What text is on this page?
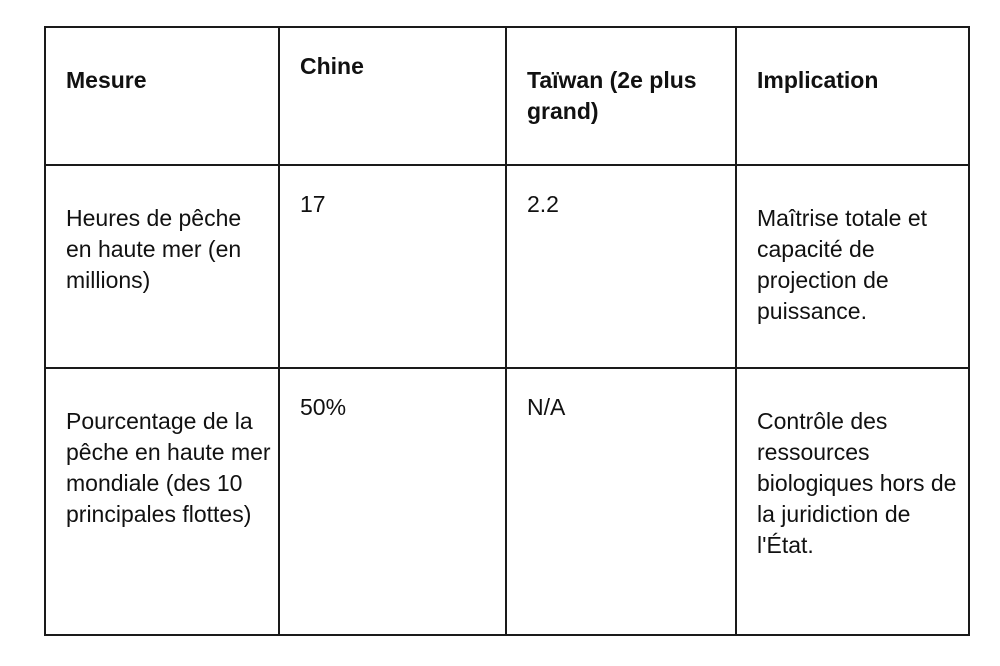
Mesure	Chine	Taïwan (2e plus grand)	Implication

Heures de pêche en haute mer (en millions)	17	2.2	Maîtrise totale et capacité de projection de puissance.

Pourcentage de la pêche en haute mer mondiale (des 10 principales flottes)	50%	N/A	Contrôle des ressources biologiques hors de la juridiction de l'État.
